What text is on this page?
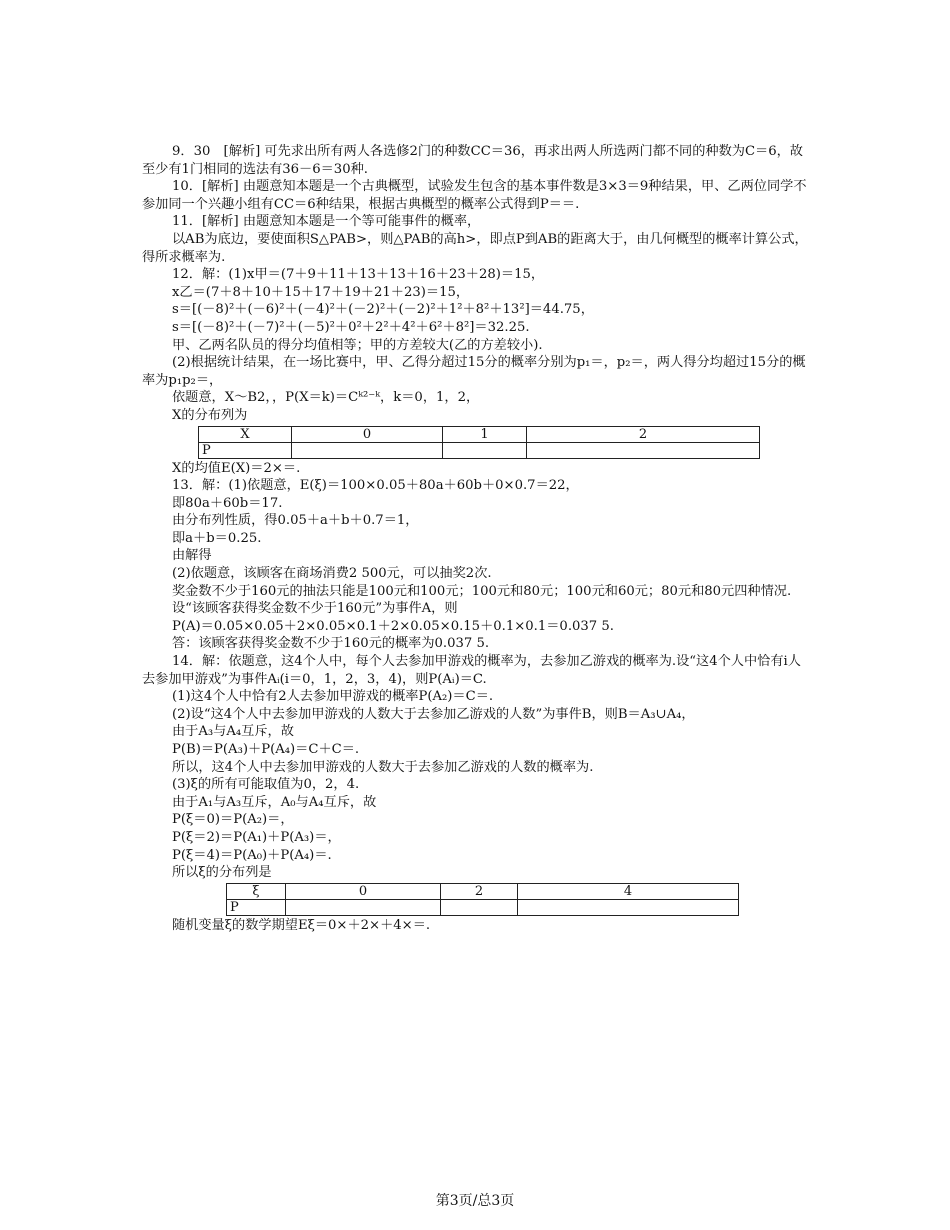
9．30　[解析] 可先求出所有两人各选修2门的种数CC＝36，再求出两人所选两门都不同的种数为C＝6，故至少有1门相同的选法有36－6＝30种.

10．[解析] 由题意知本题是一个古典概型，试验发生包含的基本事件数是3×3＝9种结果，甲、乙两位同学不参加同一个兴趣小组有CC＝6种结果，根据古典概型的概率公式得到P＝＝.

11．[解析] 由题意知本题是一个等可能事件的概率，

以AB为底边，要使面积S△PAB>，则△PAB的高h>，即点P到AB的距离大于，由几何概型的概率计算公式，得所求概率为.

12．解：(1)x甲＝(7＋9＋11＋13＋13＋16＋23＋28)＝15，

x乙＝(7＋8＋10＋15＋17＋19＋21＋23)＝15，

s＝[(－8)²＋(－6)²＋(－4)²＋(－2)²＋(－2)²＋1²＋8²＋13²]＝44.75，

s＝[(－8)²＋(－7)²＋(－5)²＋0²＋2²＋4²＋6²＋8²]＝32.25.

甲、乙两名队员的得分均值相等；甲的方差较大(乙的方差较小).

(2)根据统计结果，在一场比赛中，甲、乙得分超过15分的概率分别为p₁＝，p₂＝，两人得分均超过15分的概率为p₁p₂＝，

依题意，X～B2，，P(X＝k)＝Cᵏ²⁻ᵏ，k＝0，1，2，

X的分布列为

X	0	1	2
P			

X的均值E(X)＝2×＝.

13．解：(1)依题意，E(ξ)＝100×0.05＋80a＋60b＋0×0.7＝22，

即80a＋60b＝17.

由分布列性质，得0.05＋a＋b＋0.7＝1，

即a＋b＝0.25.

由解得

(2)依题意，该顾客在商场消费2 500元，可以抽奖2次.

奖金数不少于160元的抽法只能是100元和100元；100元和80元；100元和60元；80元和80元四种情况.

设“该顾客获得奖金数不少于160元”为事件A，则

P(A)＝0.05×0.05＋2×0.05×0.1＋2×0.05×0.15＋0.1×0.1＝0.037 5.

答：该顾客获得奖金数不少于160元的概率为0.037 5.

14．解：依题意，这4个人中，每个人去参加甲游戏的概率为，去参加乙游戏的概率为.设“这4个人中恰有i人去参加甲游戏”为事件Aᵢ(i＝0，1，2，3，4)，则P(Aᵢ)＝C.

(1)这4个人中恰有2人去参加甲游戏的概率P(A₂)＝C＝.

(2)设“这4个人中去参加甲游戏的人数大于去参加乙游戏的人数”为事件B，则B＝A₃∪A₄，

由于A₃与A₄互斥，故

P(B)＝P(A₃)＋P(A₄)＝C＋C＝.

所以，这4个人中去参加甲游戏的人数大于去参加乙游戏的人数的概率为.

(3)ξ的所有可能取值为0，2，4.

由于A₁与A₃互斥，A₀与A₄互斥，故

P(ξ＝0)＝P(A₂)＝，

P(ξ＝2)＝P(A₁)＋P(A₃)＝，

P(ξ＝4)＝P(A₀)＋P(A₄)＝.

所以ξ的分布列是

ξ	0	2	4
P			

随机变量ξ的数学期望Eξ＝0×＋2×＋4×＝.

第3页/总3页
